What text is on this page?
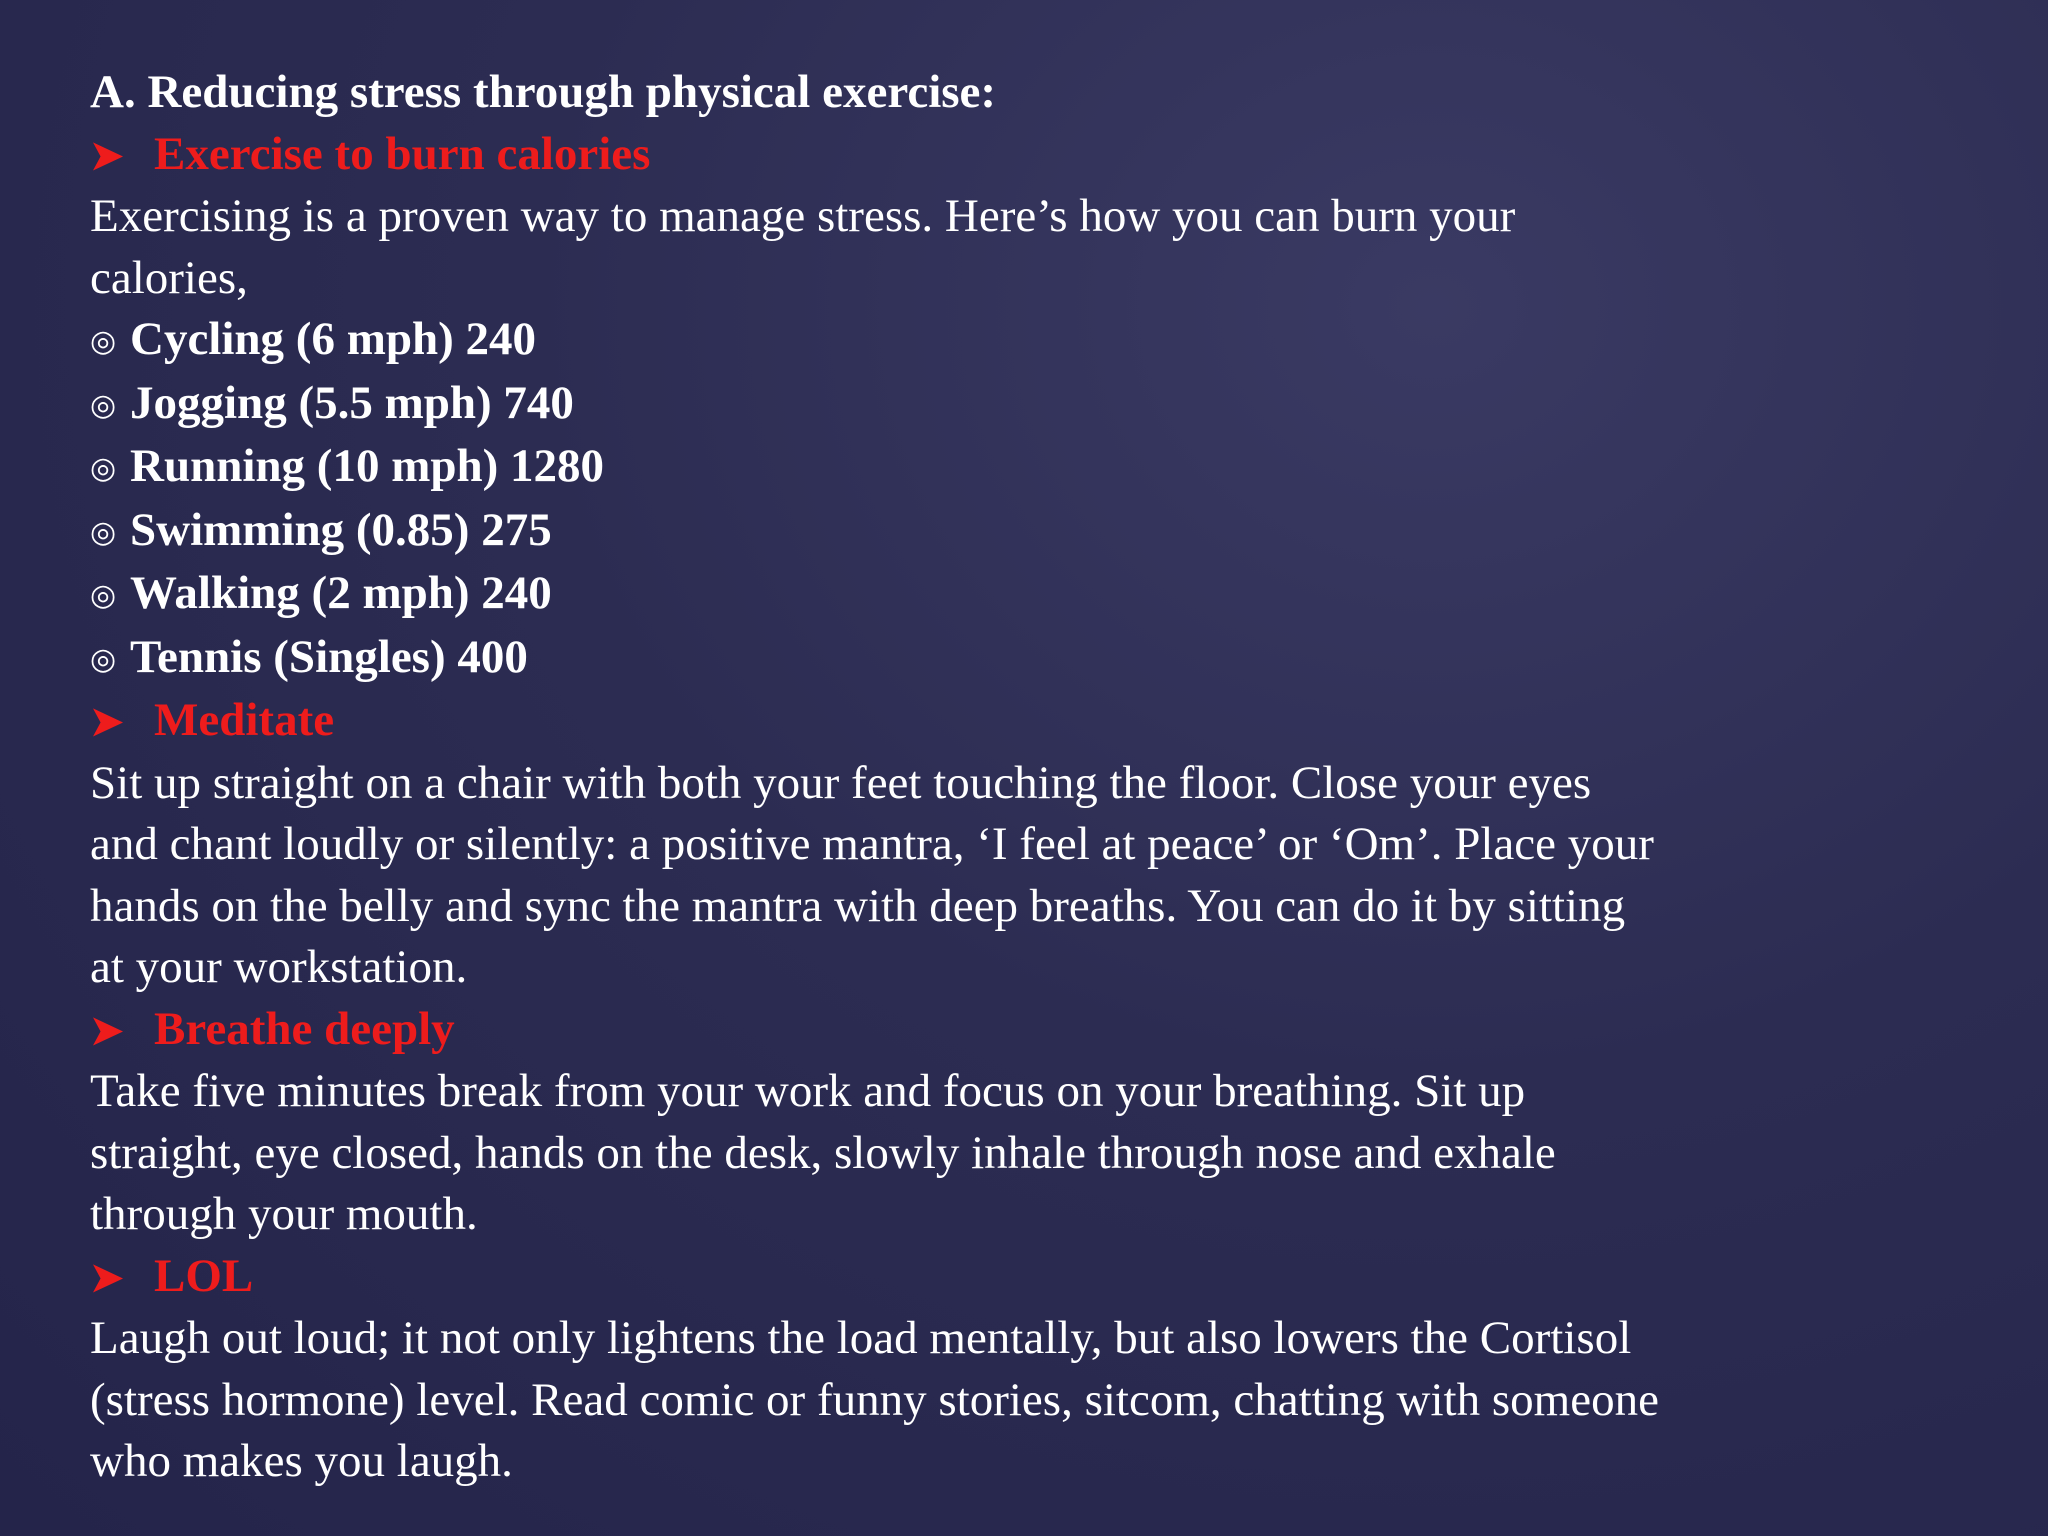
A. Reducing stress through physical exercise:
➤ Exercise to burn calories
Exercising is a proven way to manage stress. Here’s how you can burn your
calories,
◎ Cycling (6 mph) 240
◎ Jogging (5.5 mph) 740
◎ Running (10 mph) 1280
◎ Swimming (0.85) 275
◎ Walking (2 mph) 240
◎ Tennis (Singles) 400
➤ Meditate
Sit up straight on a chair with both your feet touching the floor. Close your eyes
and chant loudly or silently: a positive mantra, ‘I feel at peace’ or ‘Om’. Place your
hands on the belly and sync the mantra with deep breaths. You can do it by sitting
at your workstation.
➤ Breathe deeply
Take five minutes break from your work and focus on your breathing. Sit up
straight, eye closed, hands on the desk, slowly inhale through nose and exhale
through your mouth.
➤ LOL
Laugh out loud; it not only lightens the load mentally, but also lowers the Cortisol
(stress hormone) level. Read comic or funny stories, sitcom, chatting with someone
who makes you laugh.
